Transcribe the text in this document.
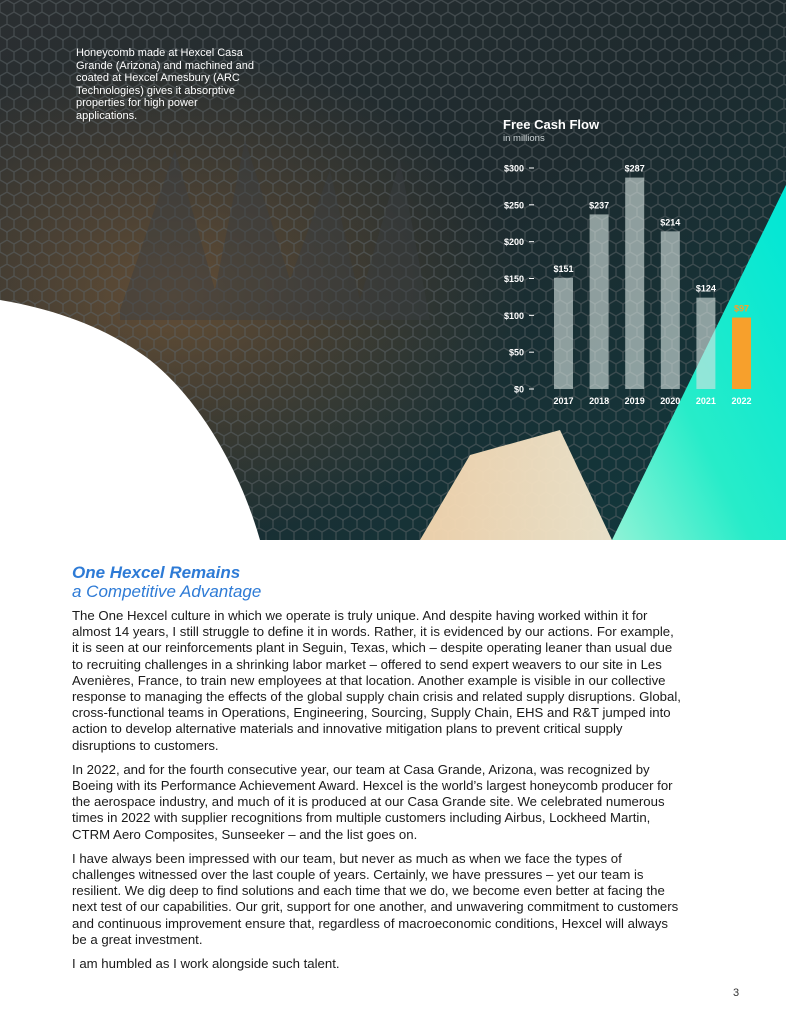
Honeycomb made at Hexcel Casa Grande (Arizona) and machined and coated at Hexcel Amesbury (ARC Technologies) gives it absorptive properties for high power applications.
Free Cash Flow
in millions
$0
$50
$100
$150
$200
$250
$300
$151
2017
$237
2018
$287
2019
$214
2020
$124
2021
$97
2022
One Hexcel Remains
a Competitive Advantage

The One Hexcel culture in which we operate is truly unique. And despite having worked within it for almost 14 years, I still struggle to define it in words. Rather, it is evidenced by our actions. For example, it is seen at our reinforcements plant in Seguin, Texas, which – despite operating leaner than usual due to recruiting challenges in a shrinking labor market – offered to send expert weavers to our site in Les Avenières, France, to train new employees at that location. Another example is visible in our collective response to managing the effects of the global supply chain crisis and related supply disruptions. Global, cross-functional teams in Operations, Engineering, Sourcing, Supply Chain, EHS and R&T jumped into action to develop alternative materials and innovative mitigation plans to prevent critical supply disruptions to customers.

In 2022, and for the fourth consecutive year, our team at Casa Grande, Arizona, was recognized by Boeing with its Performance Achievement Award. Hexcel is the world’s largest honeycomb producer for the aerospace industry, and much of it is produced at our Casa Grande site. We celebrated numerous times in 2022 with supplier recognitions from multiple customers including Airbus, Lockheed Martin, CTRM Aero Composites, Sunseeker – and the list goes on.

I have always been impressed with our team, but never as much as when we face the types of challenges witnessed over the last couple of years. Certainly, we have pressures – yet our team is resilient. We dig deep to find solutions and each time that we do, we become even better at facing the next test of our capabilities. Our grit, support for one another, and unwavering commitment to customers and continuous improvement ensure that, regardless of macroeconomic conditions, Hexcel will always be a great investment.

I am humbled as I work alongside such talent.

3
